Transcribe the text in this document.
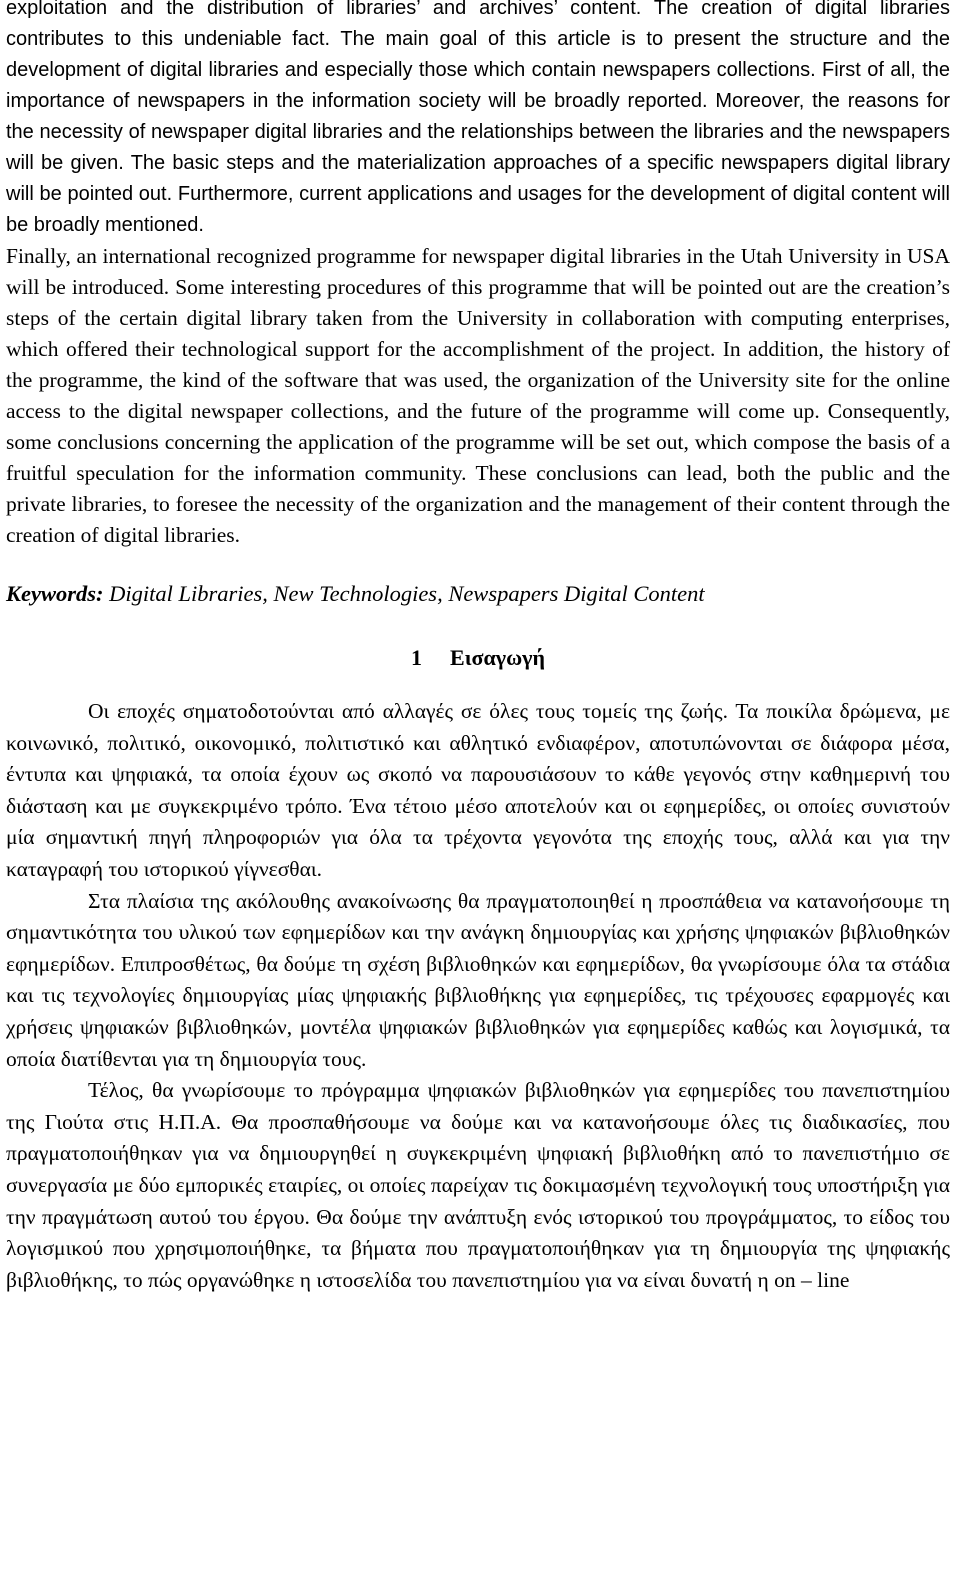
exploitation and the distribution of libraries’ and archives’ content. The creation of digital libraries contributes to this undeniable fact. The main goal of this article is to present the structure and the development of digital libraries and especially those which contain newspapers collections. First of all, the importance of newspapers in the information society will be broadly reported. Moreover, the reasons for the necessity of newspaper digital libraries and the relationships between the libraries and the newspapers will be given. The basic steps and the materialization approaches of a specific newspapers digital library will be pointed out. Furthermore, current applications and usages for the development of digital content will be broadly mentioned.

Finally, an international recognized programme for newspaper digital libraries in the Utah University in USA will be introduced. Some interesting procedures of this programme that will be pointed out are the creation’s steps of the certain digital library taken from the University in collaboration with computing enterprises, which offered their technological support for the accomplishment of the project. In addition, the history of the programme, the kind of the software that was used, the organization of the University site for the online access to the digital newspaper collections, and the future of the programme will come up. Consequently, some conclusions concerning the application of the programme will be set out, which compose the basis of a fruitful speculation for the information community. These conclusions can lead, both the public and the private libraries, to foresee the necessity of the organization and the management of their content through the creation of digital libraries.

Keywords: Digital Libraries, New Technologies, Newspapers Digital Content

1 Εισαγωγή

Οι εποχές σηματοδοτούνται από αλλαγές σε όλες τους τομείς της ζωής. Τα ποικίλα δρώμενα, με κοινωνικό, πολιτικό, οικονομικό, πολιτιστικό και αθλητικό ενδιαφέρον, αποτυπώνονται σε διάφορα μέσα, έντυπα και ψηφιακά, τα οποία έχουν ως σκοπό να παρουσιάσουν το κάθε γεγονός στην καθημερινή του διάσταση και με συγκεκριμένο τρόπο. Ένα τέτοιο μέσο αποτελούν και οι εφημερίδες, οι οποίες συνιστούν μία σημαντική πηγή πληροφοριών για όλα τα τρέχοντα γεγονότα της εποχής τους, αλλά και για την καταγραφή του ιστορικού γίγνεσθαι.

Στα πλαίσια της ακόλουθης ανακοίνωσης θα πραγματοποιηθεί η προσπάθεια να κατανοήσουμε τη σημαντικότητα του υλικού των εφημερίδων και την ανάγκη δημιουργίας και χρήσης ψηφιακών βιβλιοθηκών εφημερίδων. Επιπροσθέτως, θα δούμε τη σχέση βιβλιοθηκών και εφημερίδων, θα γνωρίσουμε όλα τα στάδια και τις τεχνολογίες δημιουργίας μίας ψηφιακής βιβλιοθήκης για εφημερίδες, τις τρέχουσες εφαρμογές και χρήσεις ψηφιακών βιβλιοθηκών, μοντέλα ψηφιακών βιβλιοθηκών για εφημερίδες καθώς και λογισμικά, τα οποία διατίθενται για τη δημιουργία τους.

Τέλος, θα γνωρίσουμε το πρόγραμμα ψηφιακών βιβλιοθηκών για εφημερίδες του πανεπιστημίου της Γιούτα στις Η.Π.Α. Θα προσπαθήσουμε να δούμε και να κατανοήσουμε όλες τις διαδικασίες, που πραγματοποιήθηκαν για να δημιουργηθεί η συγκεκριμένη ψηφιακή βιβλιοθήκη από το πανεπιστήμιο σε συνεργασία με δύο εμπορικές εταιρίες, οι οποίες παρείχαν τις δοκιμασμένη τεχνολογική τους υποστήριξη για την πραγμάτωση αυτού του έργου. Θα δούμε την ανάπτυξη ενός ιστορικού του προγράμματος, το είδος του λογισμικού που χρησιμοποιήθηκε, τα βήματα που πραγματοποιήθηκαν για τη δημιουργία της ψηφιακής βιβλιοθήκης, το πώς οργανώθηκε η ιστοσελίδα του πανεπιστημίου για να είναι δυνατή η on – line
